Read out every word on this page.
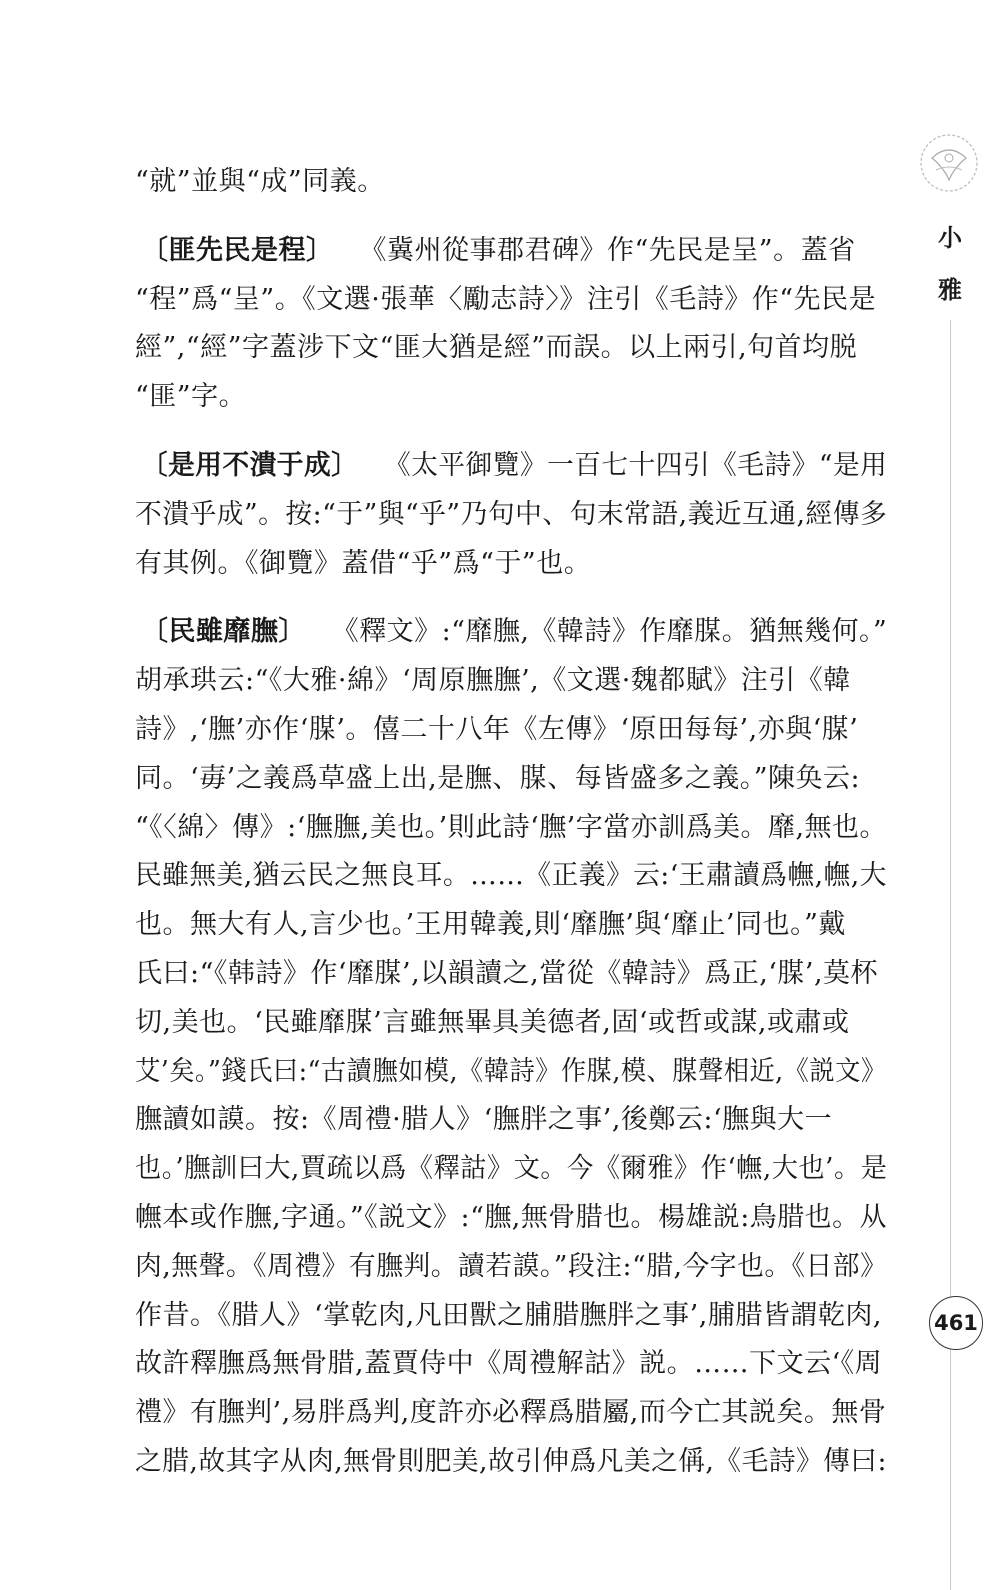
“就”並與“成”同義。
〔匪先民是程〕 《冀州從事郡君碑》作“先民是呈”。蓋省
“程”爲“呈”。《文選·張華〈勵志詩〉》注引《毛詩》作“先民是
經”,“經”字蓋涉下文“匪大猶是經”而誤。以上兩引,句首均脱
“匪”字。
〔是用不潰于成〕 《太平御覽》一百七十四引《毛詩》“是用
不潰乎成”。按:“于”與“乎”乃句中、句末常語,義近互通,經傳多
有其例。《御覽》蓋借“乎”爲“于”也。
〔民雖靡膴〕 《釋文》:“靡膴,《韓詩》作靡腜。猶無幾何。”
胡承珙云:“《大雅·綿》‘周原膴膴’,《文選·魏都賦》注引《韓
詩》,‘膴’亦作‘腜’。僖二十八年《左傳》‘原田每每’,亦與‘腜’
同。‘毐’之義爲草盛上出,是膴、腜、每皆盛多之義。”陳奂云:
“《〈綿〉傳》:‘膴膴,美也。’則此詩‘膴’字當亦訓爲美。靡,無也。
民雖無美,猶云民之無良耳。……《正義》云:‘王肅讀爲幠,幠,大
也。無大有人,言少也。’王用韓義,則‘靡膴’與‘靡止’同也。”戴
氏曰:“《韩詩》作‘靡腜’,以韻讀之,當從《韓詩》爲正,‘腜’,莫杯
切,美也。‘民雖靡腜’言雖無畢具美德者,固‘或哲或謀,或肅或
艾’矣。”錢氏曰:“古讀膴如模,《韓詩》作腜,模、腜聲相近,《説文》
膴讀如謨。按:《周禮·腊人》‘膴胖之事’,後鄭云:‘膴與大一
也。’膴訓曰大,賈疏以爲《釋詁》文。今《爾雅》作‘幠,大也’。是
幠本或作膴,字通。”《説文》:“膴,無骨腊也。楊雄説:鳥腊也。从
肉,無聲。《周禮》有膴判。讀若謨。”段注:“腊,今字也。《日部》
作昔。《腊人》‘掌乾肉,凡田獸之脯腊膴胖之事’,脯腊皆謂乾肉,
故許釋膴爲無骨腊,蓋賈侍中《周禮解詁》説。……下文云‘《周
禮》有膴判’,易胖爲判,度許亦必釋爲腊屬,而今亡其説矣。無骨
之腊,故其字从肉,無骨則肥美,故引伸爲凡美之偁,《毛詩》傳曰:
小
雅
461
